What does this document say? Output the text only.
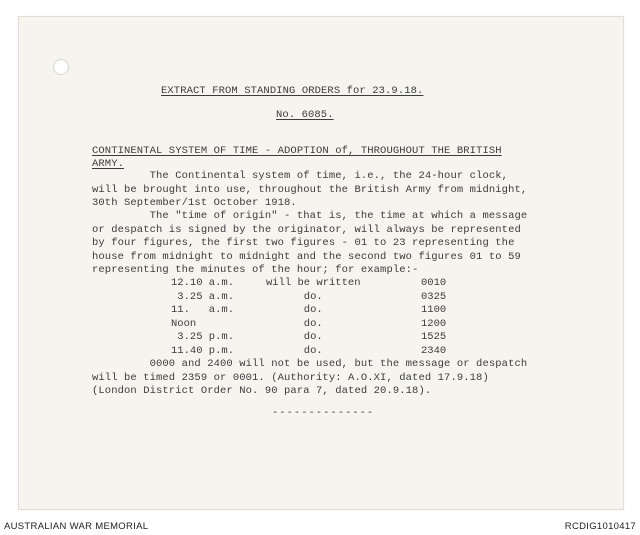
EXTRACT FROM STANDING ORDERS for 23.9.18.
No. 6085.
CONTINENTAL SYSTEM OF TIME - ADOPTION of, THROUGHOUT THE BRITISH
ARMY.
The Continental system of time, i.e., the 24-hour clock,
will be brought into use, throughout the British Army from midnight,
30th September/1st October 1918.
The "time of origin" - that is, the time at which a message
or despatch is signed by the originator, will always be represented
by four figures, the first two figures - 01 to 23 representing the
house from midnight to midnight and the second two figures 01 to 59
representing the minutes of the hour; for example:-
12.10 a.m.	will be written	0010
3.25 a.m.	do.	0325
11.   a.m.	do.	1100
Noon	do.	1200
3.25 p.m.	do.	1525
11.40 p.m.	do.	2340
0000 and 2400 will not be used, but the message or despatch
will be timed 2359 or 0001. (Authority: A.O.XI, dated 17.9.18)
(London District Order No. 90 para 7, dated 20.9.18).
--------------
AUSTRALIAN WAR MEMORIAL	RCDIG1010417
